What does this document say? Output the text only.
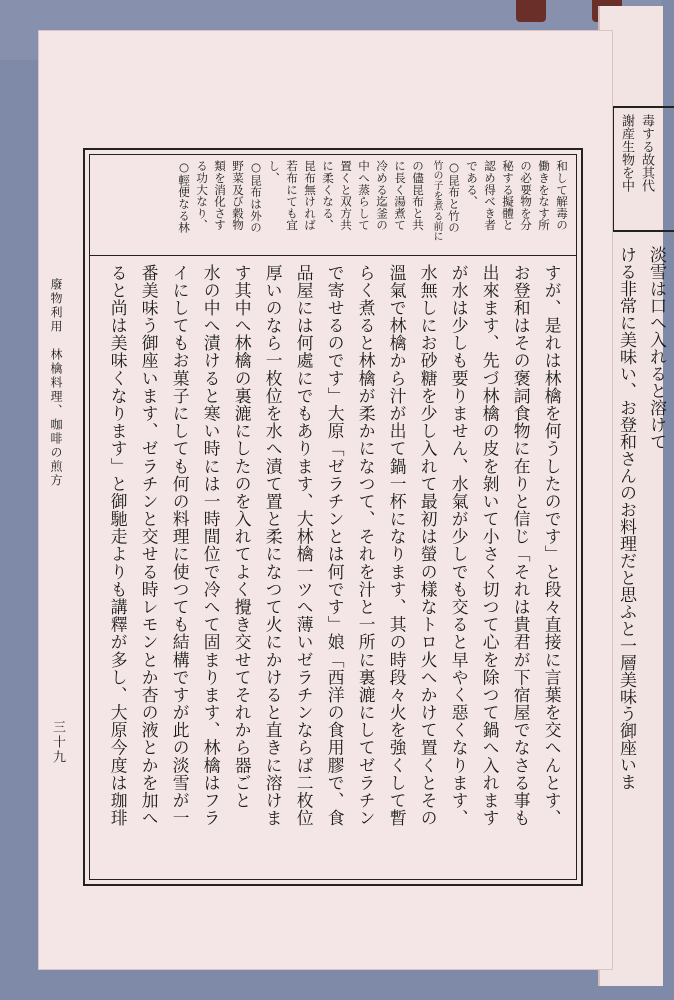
毒する故其代
謝産生物を中
淡雪は口へ入れると溶けて
ける非常に美味い、お登和さんのお料理だと思ふと一層美味う御座いま
廢物利用　林檎料理、咖啡の煎方
三十九
和して解毒の
働きをなす所
の必要物を分
秘する擬體と
認め得べき者
である、
○昆布と竹の
竹の子を煮る前に
の儘昆布と共
に長く湯煮て
冷める迄釜の
中へ蒸らして
置くと双方共
に柔くなる、
昆布無ければ
若布にても宜
し、
○昆布は外の
野菜及び穀物
類を消化さす
る功大なり、
○輕便なる林
すが、是れは林檎を何うしたのです」と段々直接に言葉を交へんとす、
お登和はその褒詞食物に在りと信じ「それは貴君が下宿屋でなさる事も
出來ます、先づ林檎の皮を剝いて小さく切つて心を除つて鍋へ入れます
が水は少しも要りません、水氣が少しでも交ると早やく惡くなります、
水無しにお砂糖を少し入れて最初は螢の樣なトロ火へかけて置くとその
溫氣で林檎から汁が出て鍋一杯になります、其の時段々火を強くして暫
らく煮ると林檎が柔かになつて、それを汁と一所に裏漉にしてゼラチン
で寄せるのです」大原「ゼラチンとは何です」娘「西洋の食用膠で、食
品屋には何處にでもあります、大林檎一ツへ薄いゼラチンならば二枚位
厚いのなら一枚位を水へ漬て置と柔になつて火にかけると直きに溶けま
す其中へ林檎の裏漉にしたのを入れてよく攪き交せてそれから器ごと
水の中へ漬けると寒い時には一時間位で冷へて固まります、林檎はフラ
イにしてもお菓子にしても何の料理に使つても結構ですが此の淡雪が一
番美味う御座います、ゼラチンと交せる時レモンとか杏の液とかを加へ
ると尚は美味くなります」と御馳走よりも講釋が多し、大原今度は珈琲
